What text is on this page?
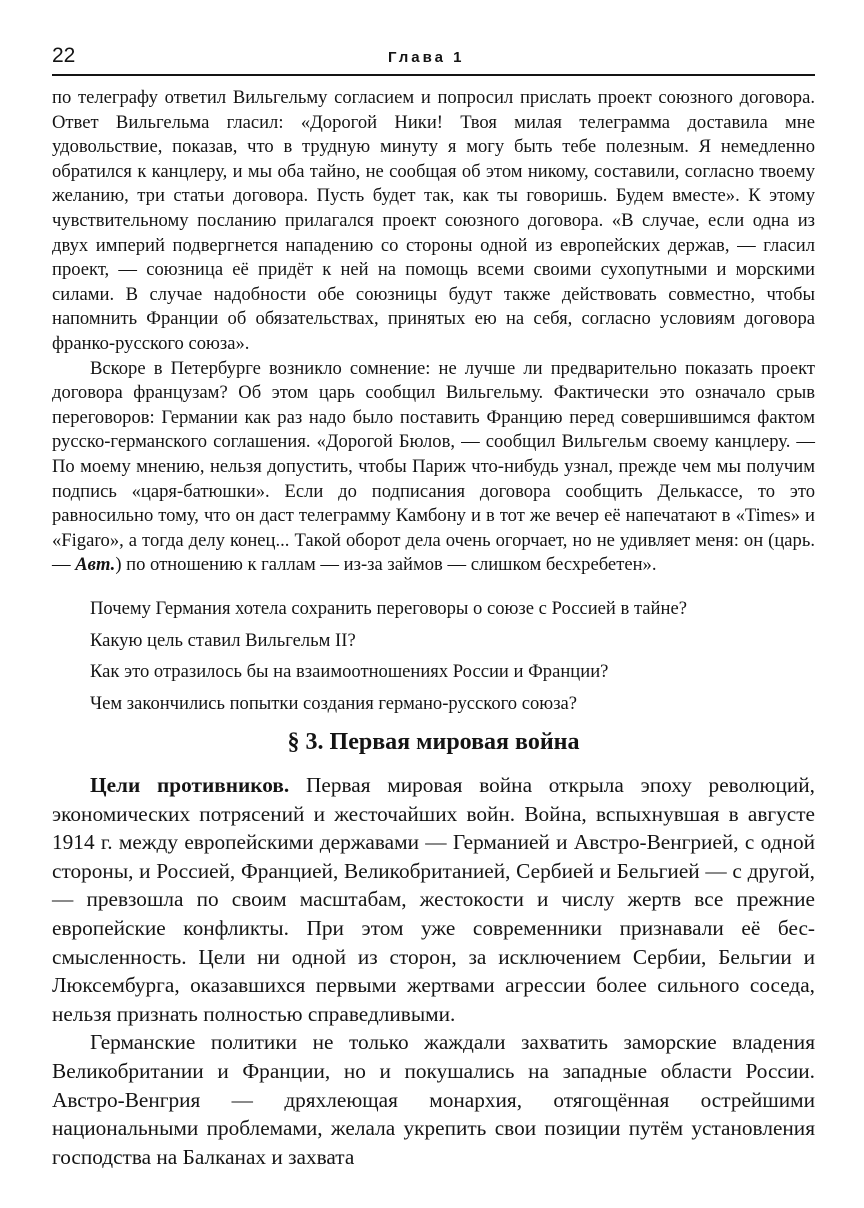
22	Глава 1

по телеграфу ответил Вильгельму согласием и попросил прислать проект союзного договора. Ответ Вильгельма гласил: «Дорогой Ники! Твоя милая телеграмма доставила мне удовольствие, показав, что в трудную минуту я могу быть тебе полезным. Я немедленно обратился к канцлеру, и мы оба тайно, не сообщая об этом никому, составили, согласно твоему желанию, три статьи договора. Пусть будет так, как ты говоришь. Будем вместе». К этому чувствительному посланию прилагался проект союзного договора. «В случае, если одна из двух империй подвергнется нападению со стороны одной из европейских держав, — гласил проект, — союзница её придёт к ней на помощь всеми своими сухопутными и морскими силами. В случае надобности обе союзницы будут также действовать совместно, чтобы напомнить Франции об обязательствах, принятых ею на себя, согласно условиям договора франко-русского союза».

Вскоре в Петербурге возникло сомнение: не лучше ли предварительно показать проект договора французам? Об этом царь сообщил Вильгельму. Фактически это означало срыв переговоров: Германии как раз надо было поставить Францию перед совершившимся фактом русско-германского соглашения. «Дорогой Бюлов, — сообщил Вильгельм своему канцлеру. — По моему мнению, нельзя допустить, чтобы Париж что-нибудь узнал, прежде чем мы получим подпись «царя-батюшки». Если до подписания договора сообщить Делькассе, то это равносильно тому, что он даст телеграмму Камбону и в тот же вечер её напечатают в «Times» и «Figaro», а тогда делу конец... Такой оборот дела очень огорчает, но не удивляет меня: он (царь. — Авт.) по отношению к галлам — из-за займов — слишком бесхребетен».

Почему Германия хотела сохранить переговоры о союзе с Россией в тайне?

Какую цель ставил Вильгельм II?

Как это отразилось бы на взаимоотношениях России и Франции?

Чем закончились попытки создания германо-русского союза?

§ 3. Первая мировая война

Цели противников. Первая мировая война открыла эпоху революций, экономических потрясений и жесточайших войн. Война, вспыхнувшая в августе 1914 г. между европейскими державами — Германией и Австро-Венгрией, с одной стороны, и Россией, Францией, Великобританией, Сербией и Бельгией — с другой, — превзошла по своим масштабам, жестокости и числу жертв все прежние европейские конфликты. При этом уже современники признавали её бессмысленность. Цели ни одной из сторон, за исключением Сербии, Бельгии и Люксембурга, оказавшихся первыми жертвами агрессии более сильного соседа, нельзя признать полностью справедливыми.

Германские политики не только жаждали захватить заморские владения Великобритании и Франции, но и покушались на западные области России. Австро-Венгрия — дряхлеющая монархия, отягощённая острейшими национальными проблемами, желала укрепить свои позиции путём установления господства на Балканах и захвата
